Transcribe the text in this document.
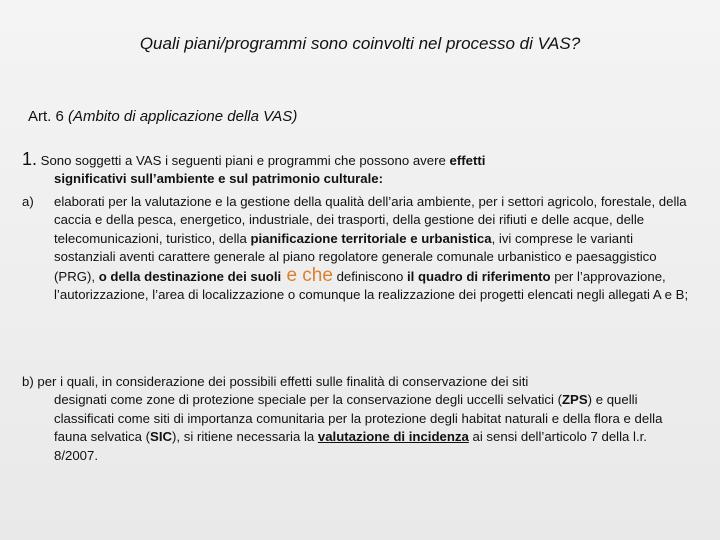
Quali piani/programmi sono coinvolti nel processo di VAS?
Art. 6 (Ambito di applicazione della VAS)
1. Sono soggetti a VAS i seguenti piani e programmi che possono avere effetti
significativi sull’ambiente e sul patrimonio culturale:
a) elaborati per la valutazione e la gestione della qualità dell’aria ambiente, per i settori agricolo, forestale, della caccia e della pesca, energetico, industriale, dei trasporti, della gestione dei rifiuti e delle acque, delle telecomunicazioni, turistico, della pianificazione territoriale e urbanistica, ivi comprese le varianti sostanziali aventi carattere generale al piano regolatore generale comunale urbanistico e paesaggistico (PRG), o della destinazione dei suoli e che definiscono il quadro di riferimento per l’approvazione, l’autorizzazione, l’area di localizzazione o comunque la realizzazione dei progetti elencati negli allegati A e B;
b) per i quali, in considerazione dei possibili effetti sulle finalità di conservazione dei siti
designati come zone di protezione speciale per la conservazione degli uccelli selvatici (ZPS) e quelli classificati come siti di importanza comunitaria per la protezione degli habitat naturali e della flora e della fauna selvatica (SIC), si ritiene necessaria la valutazione di incidenza ai sensi dell’articolo 7 della l.r. 8/2007.
